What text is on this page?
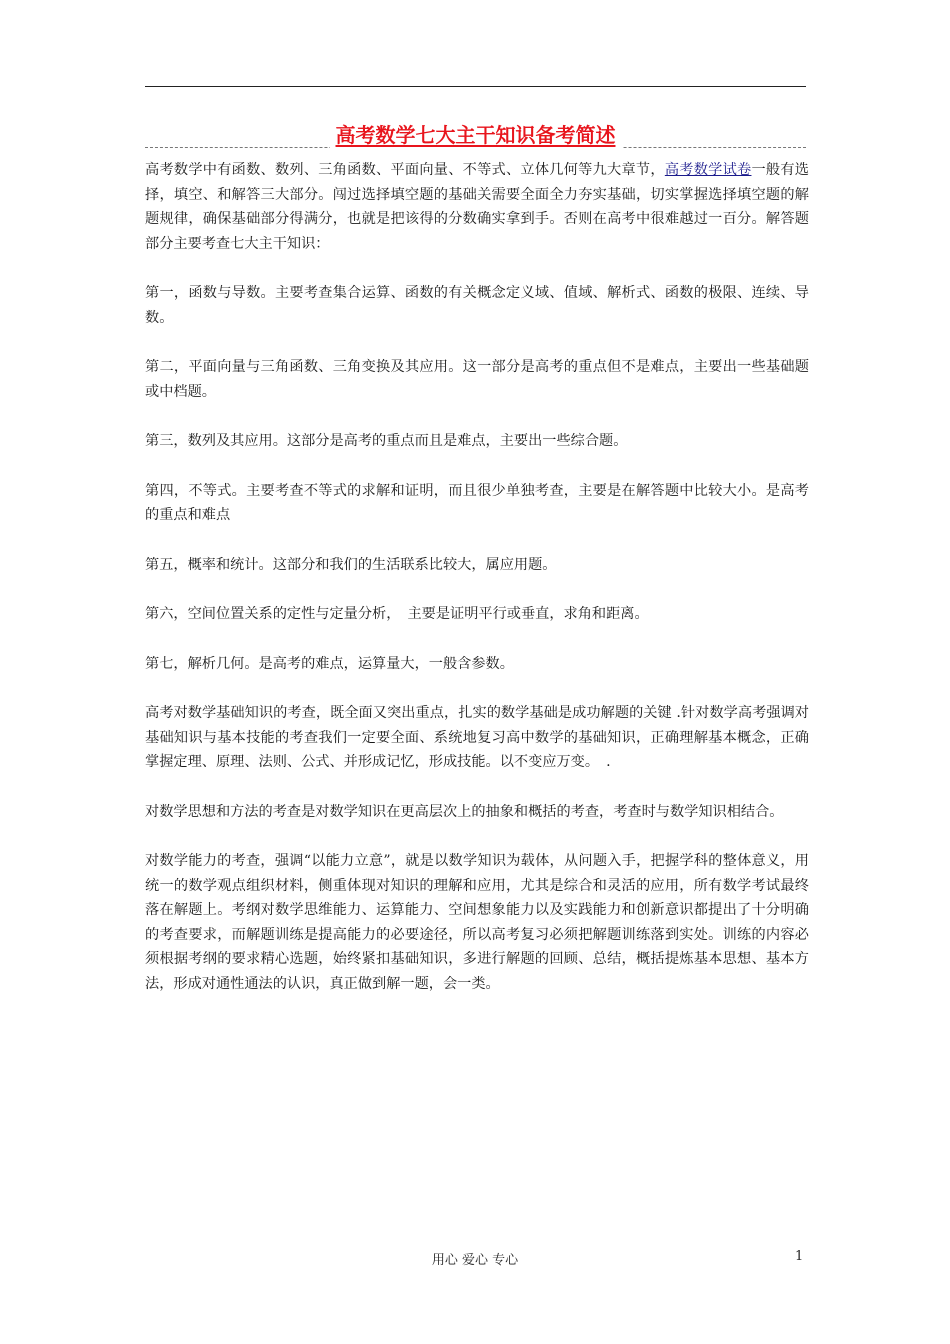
高考数学七大主干知识备考简述

高考数学中有函数、数列、三角函数、平面向量、不等式、立体几何等九大章节，高考数学试卷一般有选择，填空、和解答三大部分。闯过选择填空题的基础关需要全面全力夯实基础，切实掌握选择填空题的解题规律，确保基础部分得满分，也就是把该得的分数确实拿到手。否则在高考中很难越过一百分。解答题部分主要考查七大主干知识：

第一，函数与导数。主要考查集合运算、函数的有关概念定义域、值域、解析式、函数的极限、连续、导数。

第二，平面向量与三角函数、三角变换及其应用。这一部分是高考的重点但不是难点，主要出一些基础题或中档题。

第三，数列及其应用。这部分是高考的重点而且是难点，主要出一些综合题。

第四，不等式。主要考查不等式的求解和证明，而且很少单独考查，主要是在解答题中比较大小。是高考的重点和难点

第五，概率和统计。这部分和我们的生活联系比较大，属应用题。

第六，空间位置关系的定性与定量分析，　主要是证明平行或垂直，求角和距离。

第七，解析几何。是高考的难点，运算量大，一般含参数。

高考对数学基础知识的考查，既全面又突出重点，扎实的数学基础是成功解题的关键 .针对数学高考强调对基础知识与基本技能的考查我们一定要全面、系统地复习高中数学的基础知识，正确理解基本概念，正确掌握定理、原理、法则、公式、并形成记忆，形成技能。以不变应万变。　.

对数学思想和方法的考查是对数学知识在更高层次上的抽象和概括的考查，考查时与数学知识相结合。

对数学能力的考查，强调“以能力立意”，就是以数学知识为载体，从问题入手，把握学科的整体意义，用统一的数学观点组织材料，侧重体现对知识的理解和应用，尤其是综合和灵活的应用，所有数学考试最终落在解题上。考纲对数学思维能力、运算能力、空间想象能力以及实践能力和创新意识都提出了十分明确的考查要求，而解题训练是提高能力的必要途径，所以高考复习必须把解题训练落到实处。训练的内容必须根据考纲的要求精心选题，始终紧扣基础知识，多进行解题的回顾、总结，概括提炼基本思想、基本方法，形成对通性通法的认识，真正做到解一题，会一类。

用心 爱心 专心	1
